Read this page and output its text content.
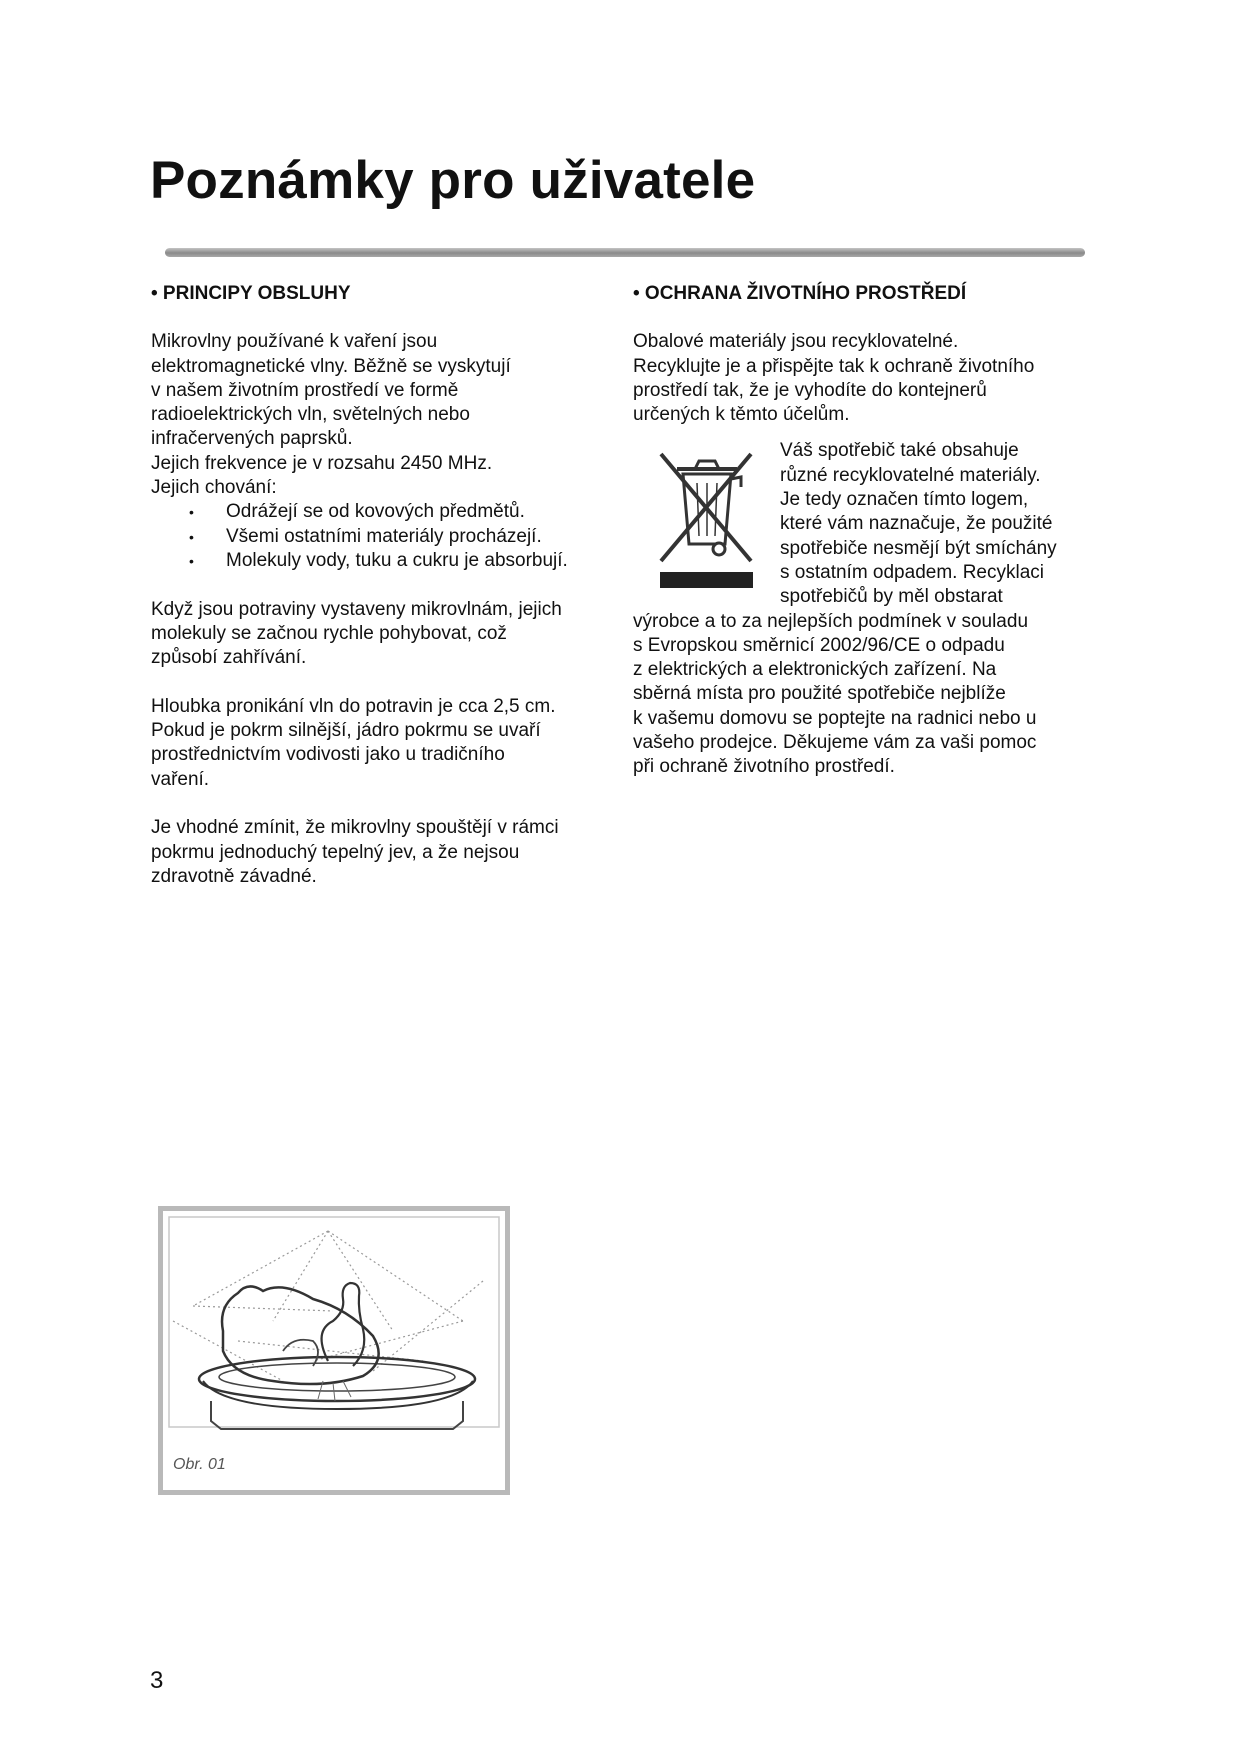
Poznámky pro uživatele
• PRINCIPY OBSLUHY
Mikrovlny používané k vaření jsou
elektromagnetické vlny. Běžně se vyskytují
v našem životním prostředí ve formě
radioelektrických vln, světelných nebo
infračervených paprsků.
Jejich frekvence je v rozsahu 2450 MHz.
Jejich chování:
• Odrážejí se od kovových předmětů.
• Všemi ostatními materiály procházejí.
• Molekuly vody, tuku a cukru je absorbují.
Když jsou potraviny vystaveny mikrovlnám, jejich
molekuly se začnou rychle pohybovat, což
způsobí zahřívání.
Hloubka pronikání vln do potravin je cca 2,5 cm.
Pokud je pokrm silnější, jádro pokrmu se uvaří
prostřednictvím vodivosti jako u tradičního
vaření.
Je vhodné zmínit, že mikrovlny spouštějí v rámci
pokrmu jednoduchý tepelný jev, a že nejsou
zdravotně závadné.
• OCHRANA ŽIVOTNÍHO PROSTŘEDÍ
Obalové materiály jsou recyklovatelné.
Recyklujte je a přispějte tak k ochraně životního
prostředí tak, že je vyhodíte do kontejnerů
určených k těmto účelům.
Váš spotřebič také obsahuje
různé recyklovatelné materiály.
Je tedy označen tímto logem,
které vám naznačuje, že použité
spotřebiče nesmějí být smíchány
s ostatním odpadem. Recyklaci
spotřebičů by měl obstarat
výrobce a to za nejlepších podmínek v souladu
s Evropskou směrnicí 2002/96/CE o odpadu
z elektrických a elektronických zařízení. Na
sběrná místa pro použité spotřebiče nejblíže
k vašemu domovu se poptejte na radnici nebo u
vašeho prodejce. Děkujeme vám za vaši pomoc
při ochraně životního prostředí.
Obr. 01
3
